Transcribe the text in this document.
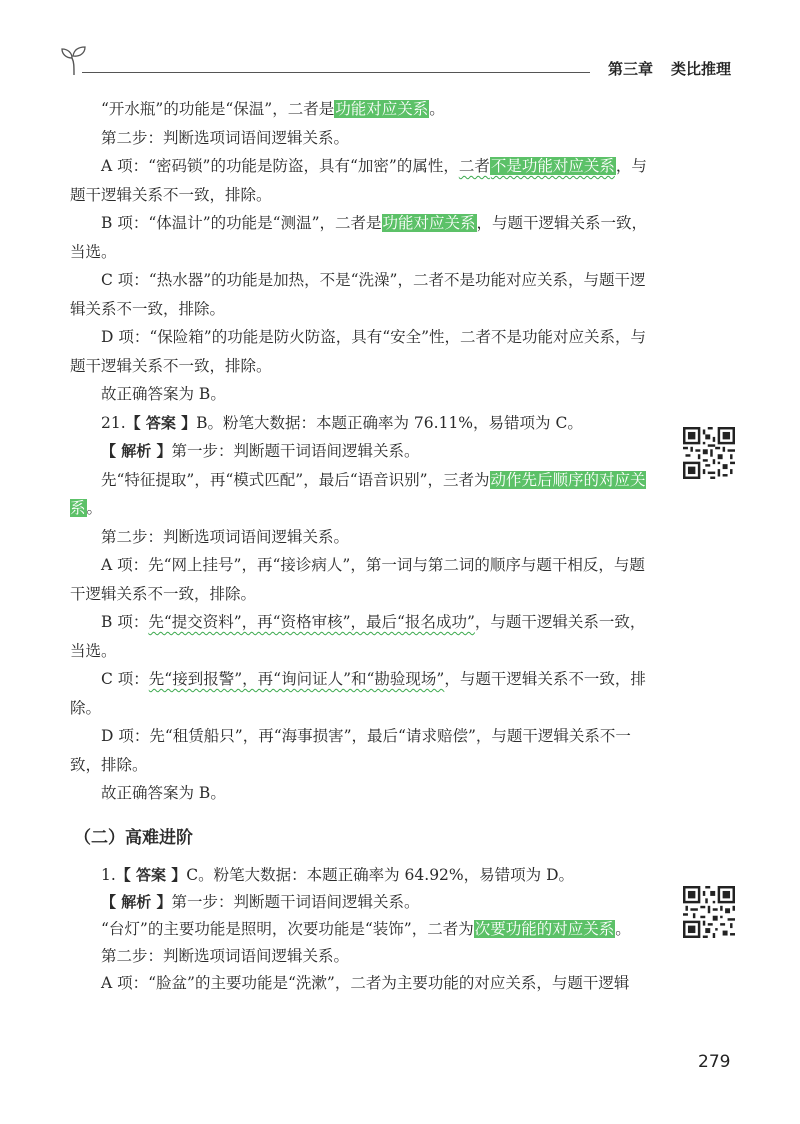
第三章 类比推理

“开水瓶”的功能是“保温”，二者是功能对应关系。

第二步：判断选项词语间逻辑关系。

A 项：“密码锁”的功能是防盗，具有“加密”的属性，二者不是功能对应关系，与题干逻辑关系不一致，排除。

B 项：“体温计”的功能是“测温”，二者是功能对应关系，与题干逻辑关系一致，当选。

C 项：“热水器”的功能是加热，不是“洗澡”，二者不是功能对应关系，与题干逻辑关系不一致，排除。

D 项：“保险箱”的功能是防火防盗，具有“安全”性，二者不是功能对应关系，与题干逻辑关系不一致，排除。

故正确答案为 B。

21.【 答案 】B。粉笔大数据：本题正确率为 76.11%，易错项为 C。

【 解析 】第一步：判断题干词语间逻辑关系。

先“特征提取”，再“模式匹配”，最后“语音识别”，三者为动作先后顺序的对应关系。

第二步：判断选项词语间逻辑关系。

A 项：先“网上挂号”，再“接诊病人”，第一词与第二词的顺序与题干相反，与题干逻辑关系不一致，排除。

B 项：先“提交资料”，再“资格审核”，最后“报名成功”，与题干逻辑关系一致，当选。

C 项：先“接到报警”，再“询问证人”和“勘验现场”，与题干逻辑关系不一致，排除。

D 项：先“租赁船只”，再“海事损害”，最后“请求赔偿”，与题干逻辑关系不一致，排除。

故正确答案为 B。

（二）高难进阶

1.【 答案 】C。粉笔大数据：本题正确率为 64.92%，易错项为 D。

【 解析 】第一步：判断题干词语间逻辑关系。

“台灯”的主要功能是照明，次要功能是“装饰”，二者为次要功能的对应关系。

第二步：判断选项词语间逻辑关系。

A 项：“脸盆”的主要功能是“洗漱”，二者为主要功能的对应关系，与题干逻辑

279
